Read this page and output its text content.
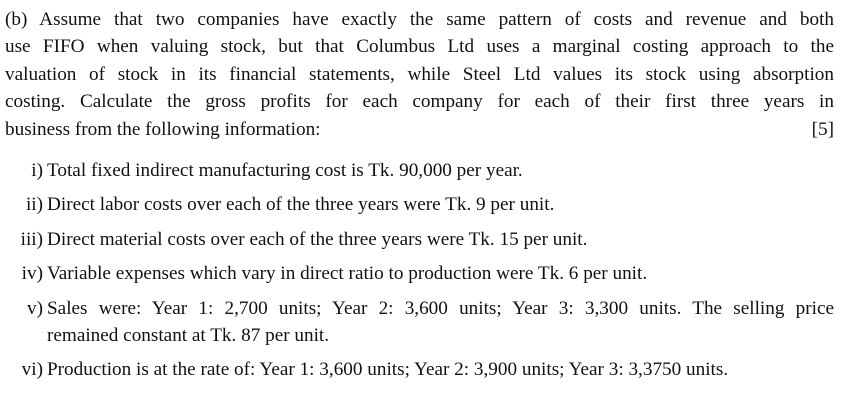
(b) Assume that two companies have exactly the same pattern of costs and revenue and both
use FIFO when valuing stock, but that Columbus Ltd uses a marginal costing approach to the
valuation of stock in its financial statements, while Steel Ltd values its stock using absorption
costing. Calculate the gross profits for each company for each of their first three years in
business from the following information:	[5]

i) Total fixed indirect manufacturing cost is Tk. 90,000 per year.
ii) Direct labor costs over each of the three years were Tk. 9 per unit.
iii) Direct material costs over each of the three years were Tk. 15 per unit.
iv) Variable expenses which vary in direct ratio to production were Tk. 6 per unit.
v) Sales were: Year 1: 2,700 units; Year 2: 3,600 units; Year 3: 3,300 units. The selling price
remained constant at Tk. 87 per unit.
vi) Production is at the rate of: Year 1: 3,600 units; Year 2: 3,900 units; Year 3: 3,3750 units.
